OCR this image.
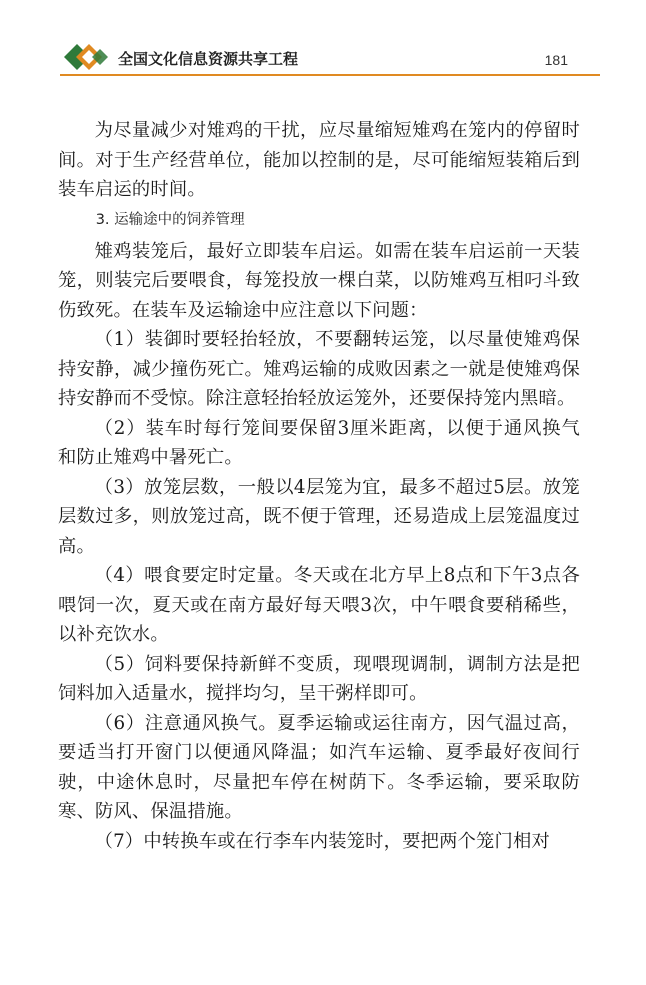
全国文化信息资源共享工程	181

为尽量减少对雉鸡的干扰，应尽量缩短雉鸡在笼内的停留时间。对于生产经营单位，能加以控制的是，尽可能缩短装箱后到装车启运的时间。

3. 运输途中的饲养管理

雉鸡装笼后，最好立即装车启运。如需在装车启运前一天装笼，则装完后要喂食，每笼投放一棵白菜，以防雉鸡互相叼斗致伤致死。在装车及运输途中应注意以下问题：

（1）装御时要轻抬轻放，不要翻转运笼，以尽量使雉鸡保持安静，减少撞伤死亡。雉鸡运输的成败因素之一就是使雉鸡保持安静而不受惊。除注意轻抬轻放运笼外，还要保持笼内黑暗。

（2）装车时每行笼间要保留3厘米距离，以便于通风换气和防止雉鸡中暑死亡。

（3）放笼层数，一般以4层笼为宜，最多不超过5层。放笼层数过多，则放笼过高，既不便于管理，还易造成上层笼温度过高。

（4）喂食要定时定量。冬天或在北方早上8点和下午3点各喂饲一次，夏天或在南方最好每天喂3次，中午喂食要稍稀些，以补充饮水。

（5）饲料要保持新鲜不变质，现喂现调制，调制方法是把饲料加入适量水，搅拌均匀，呈干粥样即可。

（6）注意通风换气。夏季运输或运往南方，因气温过高，要适当打开窗门以便通风降温；如汽车运输、夏季最好夜间行驶，中途休息时，尽量把车停在树荫下。冬季运输，要采取防寒、防风、保温措施。

（7）中转换车或在行李车内装笼时，要把两个笼门相对
